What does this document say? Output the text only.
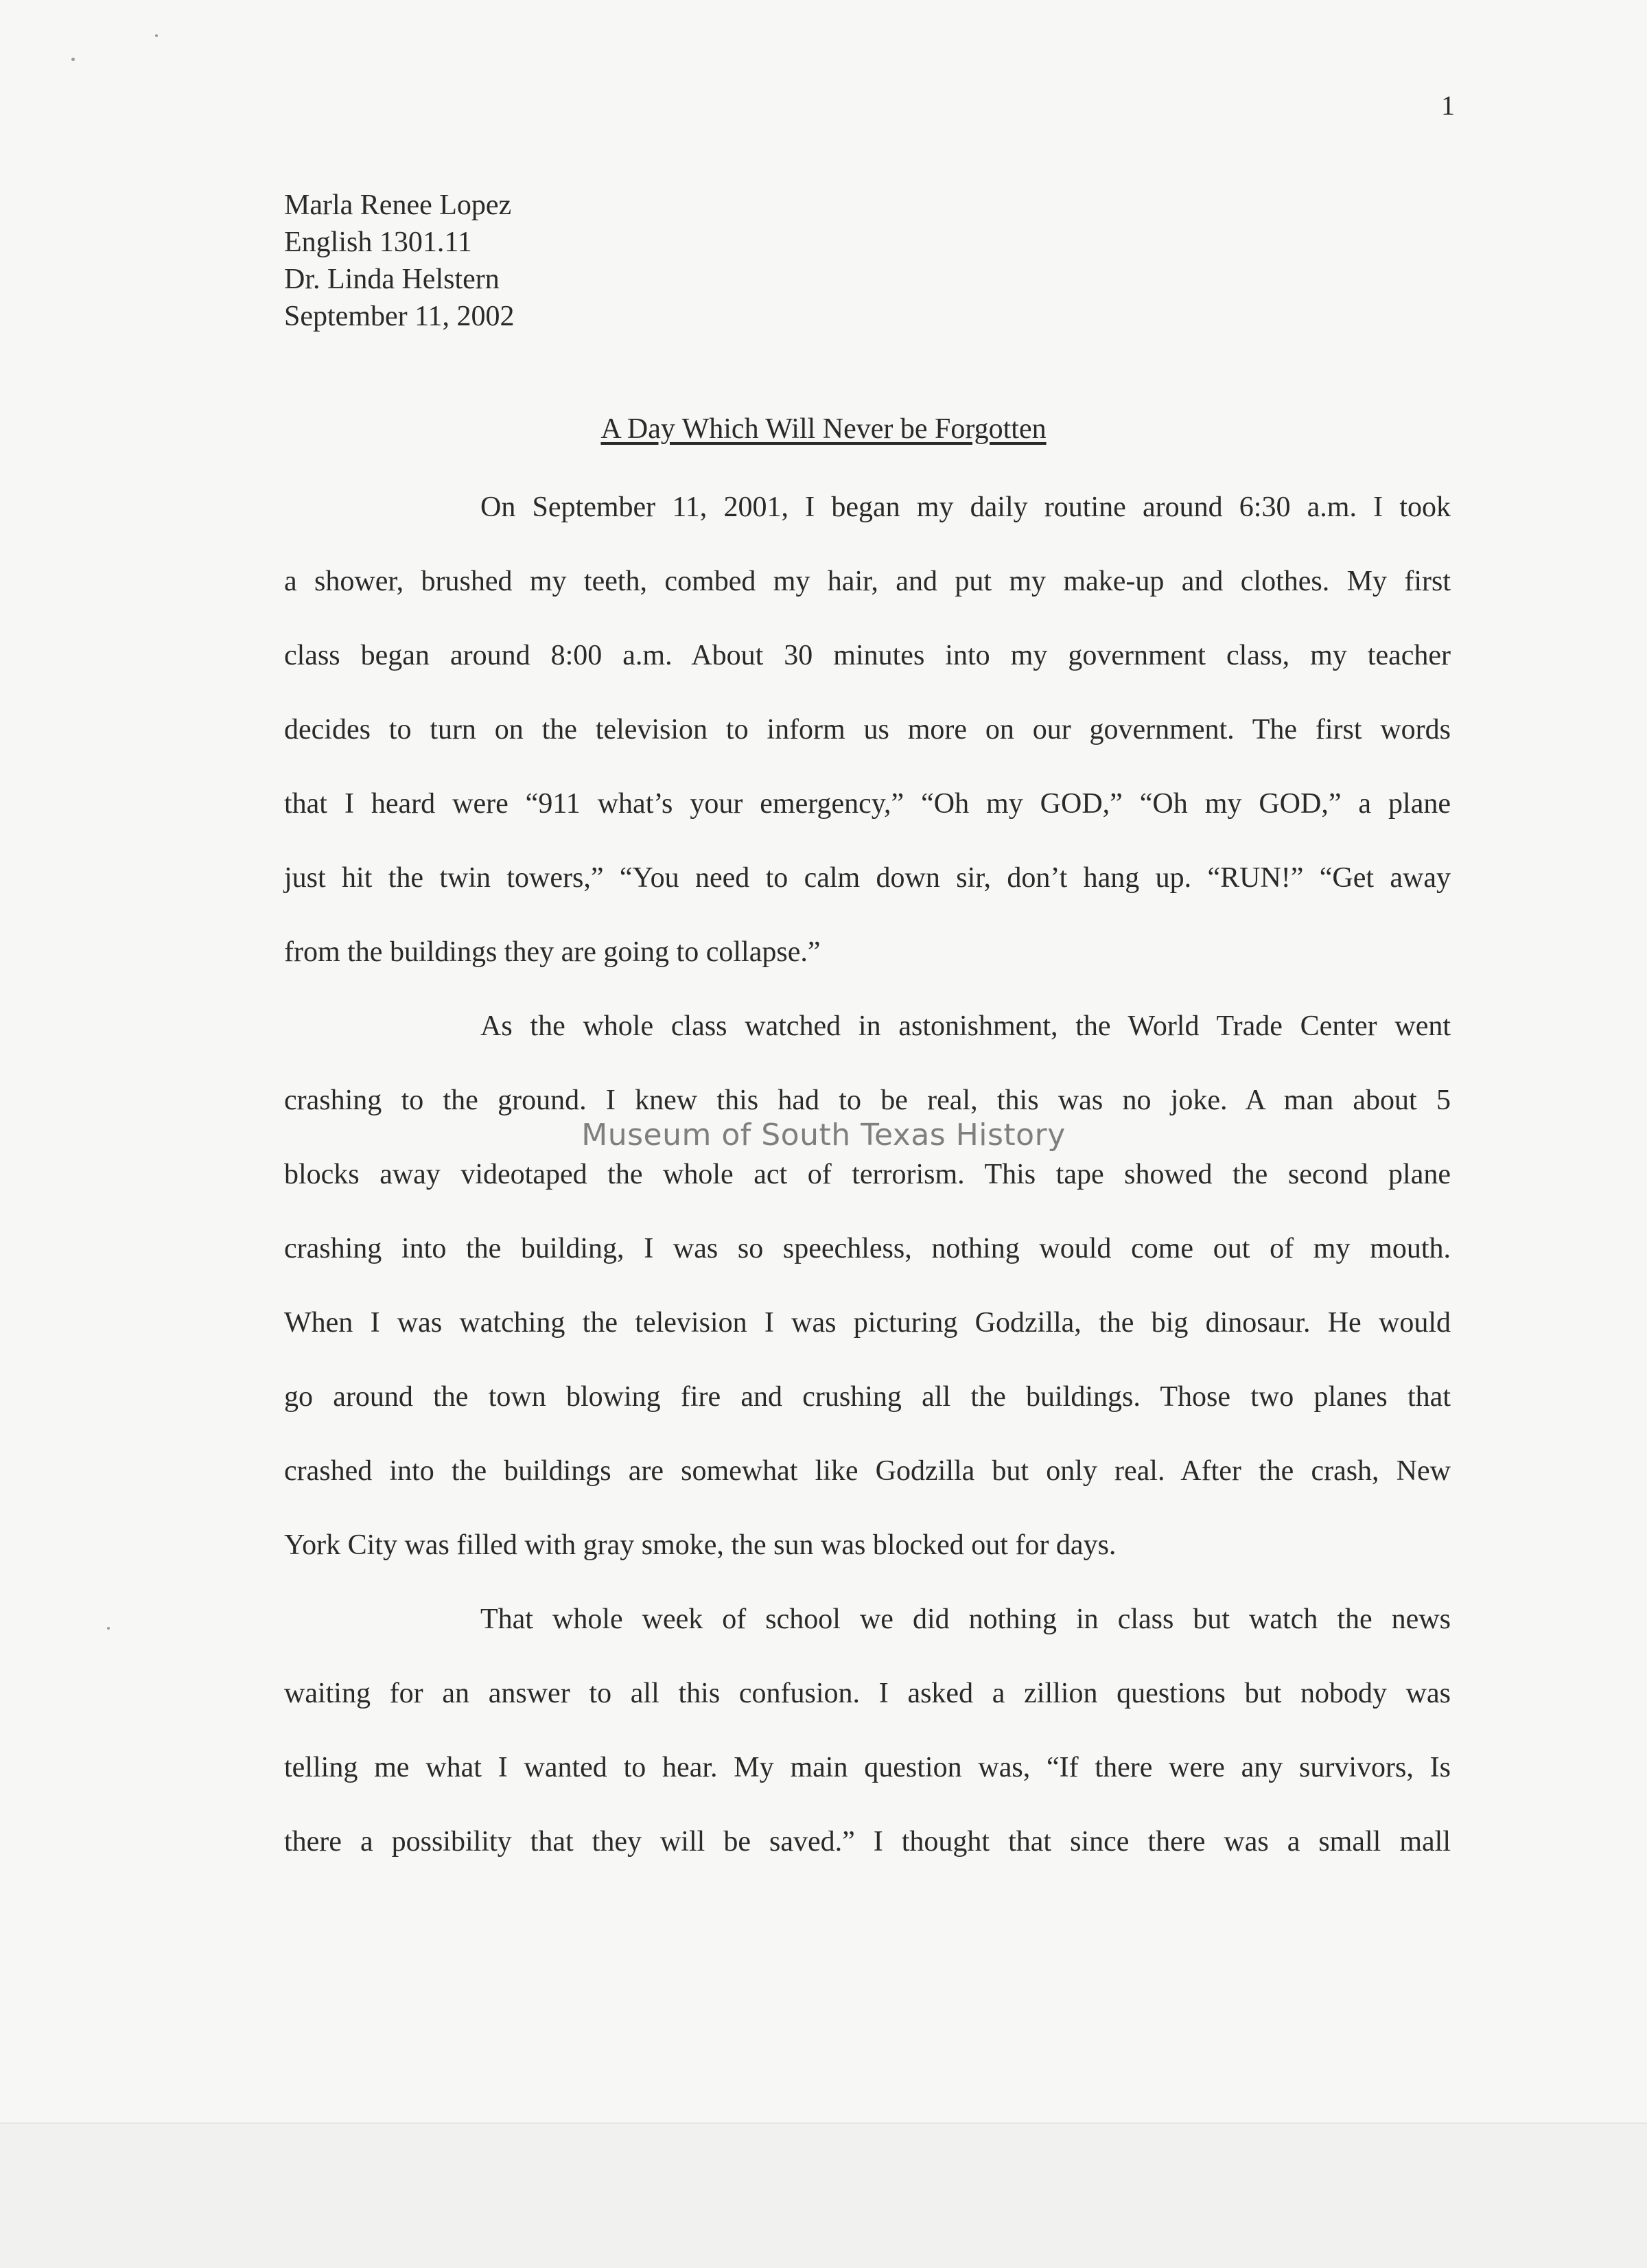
1
Marla Renee Lopez
English 1301.11
Dr. Linda Helstern
September 11, 2002
A Day Which Will Never be Forgotten
On September 11, 2001, I began my daily routine around 6:30 a.m. I took
a shower, brushed my teeth, combed my hair, and put my make-up and clothes. My first
class began around 8:00 a.m. About 30 minutes into my government class, my teacher
decides to turn on the television to inform us more on our government. The first words
that I heard were “911 what’s your emergency,” “Oh my GOD,” “Oh my GOD,” a plane
just hit the twin towers,” “You need to calm down sir, don’t hang up. “RUN!” “Get away
from the buildings they are going to collapse.”
As the whole class watched in astonishment, the World Trade Center went
crashing to the ground. I knew this had to be real, this was no joke. A man about 5
blocks away videotaped the whole act of terrorism. This tape showed the second plane
crashing into the building, I was so speechless, nothing would come out of my mouth.
When I was watching the television I was picturing Godzilla, the big dinosaur. He would
go around the town blowing fire and crushing all the buildings. Those two planes that
crashed into the buildings are somewhat like Godzilla but only real. After the crash, New
York City was filled with gray smoke, the sun was blocked out for days.
That whole week of school we did nothing in class but watch the news
waiting for an answer to all this confusion. I asked a zillion questions but nobody was
telling me what I wanted to hear. My main question was, “If there were any survivors, Is
there a possibility that they will be saved.” I thought that since there was a small mall
Museum of South Texas History
